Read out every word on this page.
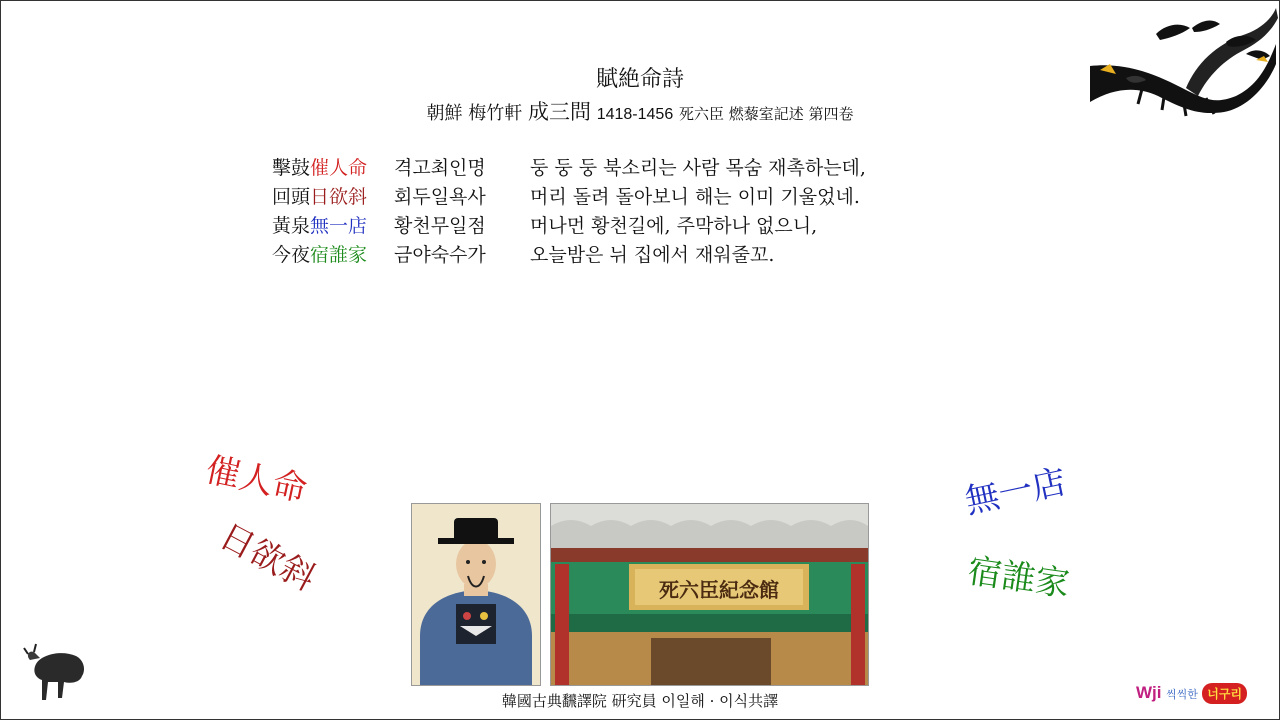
賦絶命詩
朝鮮 梅竹軒 成三問 1418-1456 死六臣 燃藜室記述 第四卷
擊鼓催人命 격고최인명 둥 둥 둥 북소리는 사람 목숨 재촉하는데,
回頭日欲斜 회두일욕사 머리 돌려 돌아보니 해는 이미 기울었네.
黃泉無一店 황천무일점 머나먼 황천길에, 주막하나 없으니,
今夜宿誰家 금야숙수가 오늘밤은 뉘 집에서 재워줄꼬.
催人命
日欲斜
無一店
宿誰家
死六臣紀念館
韓國古典飜譯院 研究員 이일해 · 이식共譯	Wji 씩씩한 너구리
